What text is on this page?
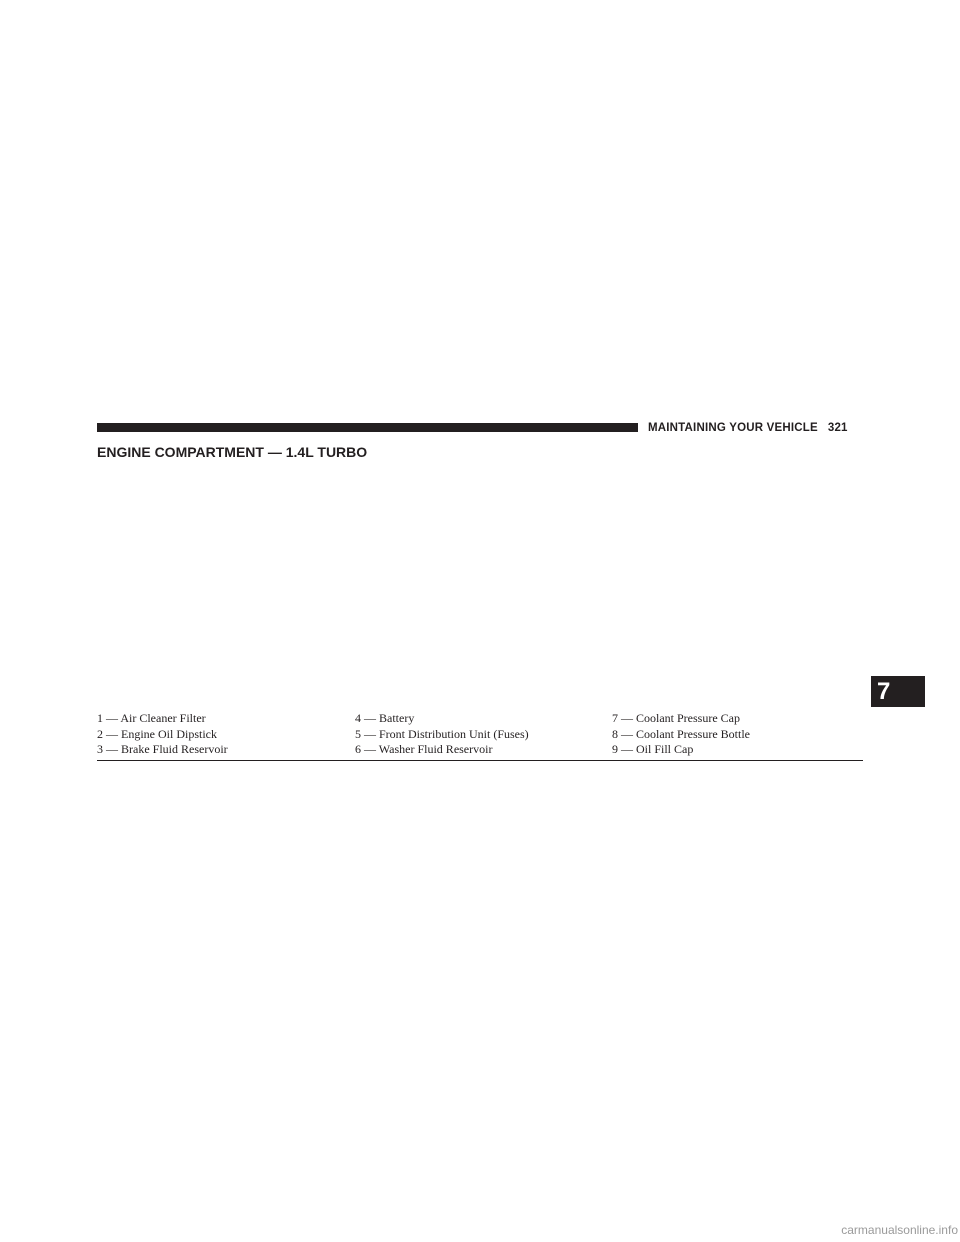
MAINTAINING YOUR VEHICLE 321
ENGINE COMPARTMENT — 1.4L TURBO
1 — Air Cleaner Filter
2 — Engine Oil Dipstick
3 — Brake Fluid Reservoir
4 — Battery
5 — Front Distribution Unit (Fuses)
6 — Washer Fluid Reservoir
7 — Coolant Pressure Cap
8 — Coolant Pressure Bottle
9 — Oil Fill Cap
7
carmanualsonline.info
